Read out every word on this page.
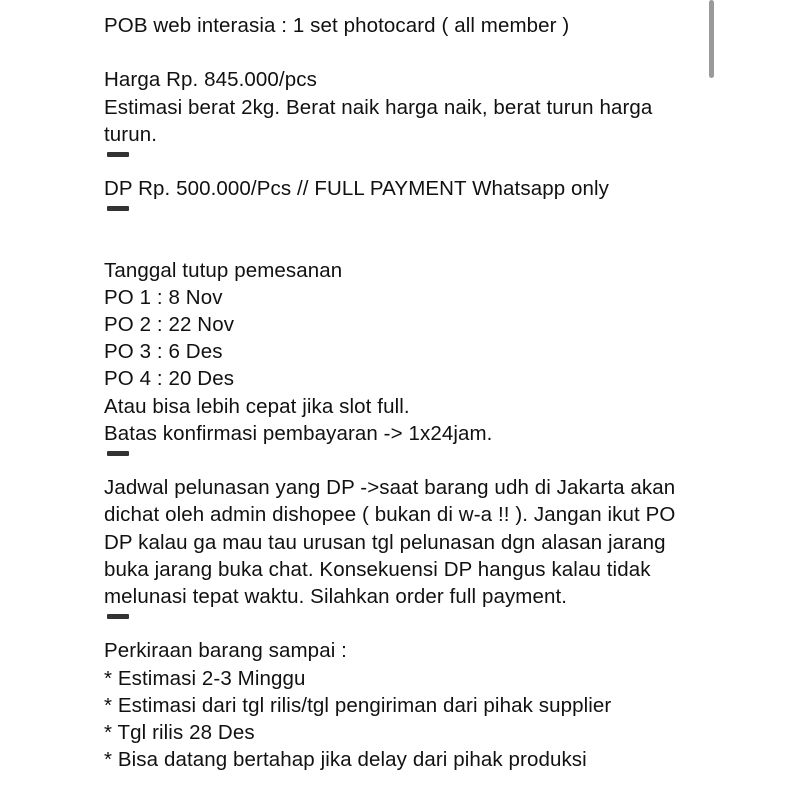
POB web interasia : 1 set photocard ( all member )
Harga Rp. 845.000/pcs
Estimasi berat 2kg. Berat naik harga naik, berat turun harga turun.
DP Rp. 500.000/Pcs // FULL PAYMENT Whatsapp only
Tanggal tutup pemesanan
PO 1 : 8 Nov
PO 2 : 22 Nov
PO 3 : 6 Des
PO 4 : 20 Des
Atau bisa lebih cepat jika slot full.
Batas konfirmasi pembayaran -> 1x24jam.
Jadwal pelunasan yang DP ->saat barang udh di Jakarta akan dichat oleh admin dishopee ( bukan di w-a !! ). Jangan ikut PO DP kalau ga mau tau urusan tgl pelunasan dgn alasan jarang buka jarang buka chat. Konsekuensi DP hangus kalau tidak melunasi tepat waktu. Silahkan order full payment.
Perkiraan barang sampai :
* Estimasi 2-3 Minggu
* Estimasi dari tgl rilis/tgl pengiriman dari pihak supplier
* Tgl rilis 28 Des
* Bisa datang bertahap jika delay dari pihak produksi
